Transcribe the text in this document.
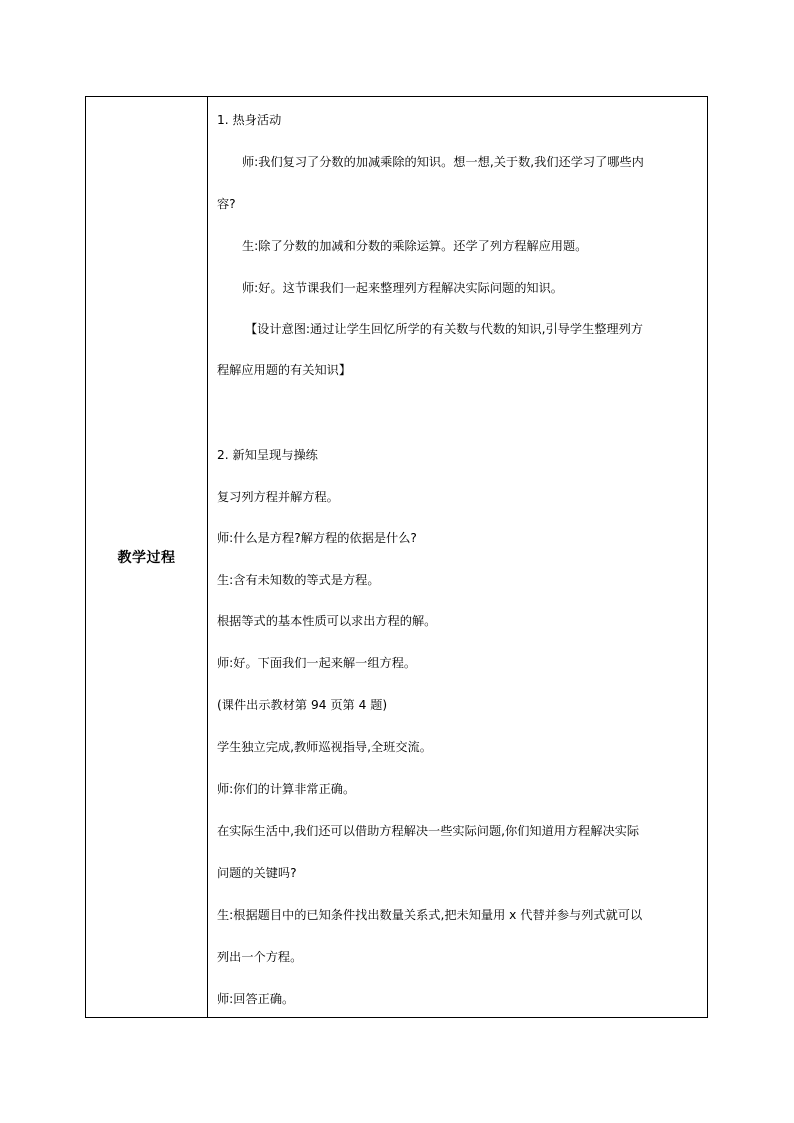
教学过程
1. 热身活动
师:我们复习了分数的加减乘除的知识。想一想,关于数,我们还学习了哪些内
容?
生:除了分数的加减和分数的乘除运算。还学了列方程解应用题。
师:好。这节课我们一起来整理列方程解决实际问题的知识。
【设计意图:通过让学生回忆所学的有关数与代数的知识,引导学生整理列方
程解应用题的有关知识】
2. 新知呈现与操练
复习列方程并解方程。
师:什么是方程?解方程的依据是什么?
生:含有未知数的等式是方程。
根据等式的基本性质可以求出方程的解。
师:好。下面我们一起来解一组方程。
(课件出示教材第 94 页第 4 题)
学生独立完成,教师巡视指导,全班交流。
师:你们的计算非常正确。
在实际生活中,我们还可以借助方程解决一些实际问题,你们知道用方程解决实际
问题的关键吗?
生:根据题目中的已知条件找出数量关系式,把未知量用 x 代替并参与列式就可以
列出一个方程。
师:回答正确。
